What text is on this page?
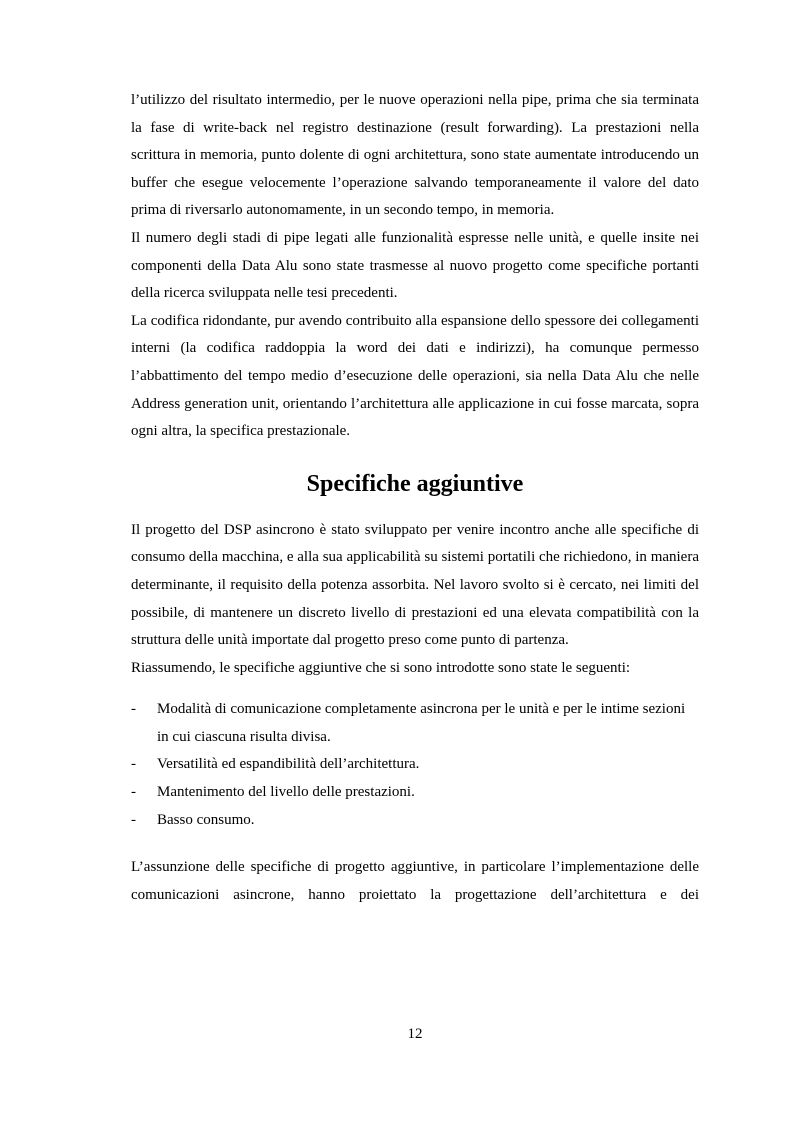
l’utilizzo del risultato intermedio, per le nuove operazioni nella pipe, prima che sia terminata la fase di write-back nel registro destinazione (result forwarding). La prestazioni nella scrittura in memoria, punto dolente di ogni architettura, sono state aumentate introducendo un buffer che esegue velocemente l’operazione salvando temporaneamente il valore del dato prima di riversarlo autonomamente, in un secondo tempo, in memoria.

Il numero degli stadi di pipe legati alle funzionalità espresse nelle unità, e quelle insite nei componenti della Data Alu sono state trasmesse al nuovo progetto come specifiche portanti della ricerca sviluppata nelle tesi precedenti.

La codifica ridondante, pur avendo contribuito alla espansione dello spessore dei collegamenti interni (la codifica raddoppia la word dei dati e indirizzi), ha comunque permesso l’abbattimento del tempo medio d’esecuzione delle operazioni, sia nella Data Alu che nelle Address generation unit, orientando l’architettura alle applicazione in cui fosse marcata, sopra ogni altra, la specifica prestazionale.

Specifiche aggiuntive

Il progetto del DSP asincrono è stato sviluppato per venire incontro anche alle specifiche di consumo della macchina, e alla sua applicabilità su sistemi portatili che richiedono, in maniera determinante, il requisito della potenza assorbita. Nel lavoro svolto si è cercato, nei limiti del possibile, di mantenere un discreto livello di prestazioni ed una elevata compatibilità con la struttura delle unità importate dal progetto preso come punto di partenza.

Riassumendo, le specifiche aggiuntive che si sono introdotte sono state le seguenti:

- Modalità di comunicazione completamente asincrona per le unità e per le intime sezioni in cui ciascuna risulta divisa.
- Versatilità ed espandibilità dell’architettura.
- Mantenimento del livello delle prestazioni.
- Basso consumo.

L’assunzione delle specifiche di progetto aggiuntive, in particolare l’implementazione delle comunicazioni asincrone, hanno proiettato la progettazione dell’architettura e dei

12
